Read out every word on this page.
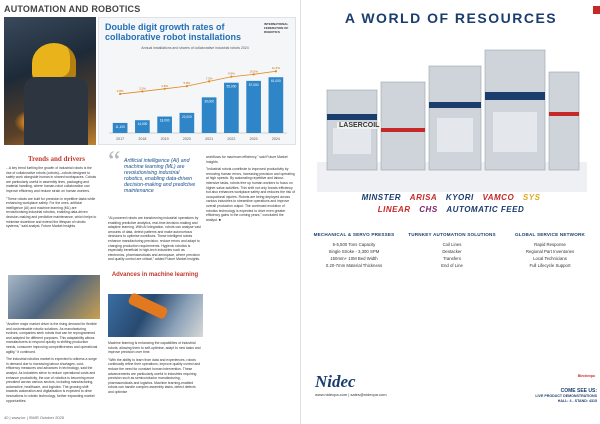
AUTOMATION AND ROBOTICS
Double digit growth rates of collaborative robot installations
INTERNATIONAL FEDERATION OF ROBOTICS
Annual installations and shares of collaborative industrial robots 2024
11,100
2017
14,000
2018
18,000
2019
22,000
2020
39,000
2021
55,000
2022
57,000
2023
61,000
2024
2.8%
3.2%
4.8%
5.8%
7.5%
9.9%
10.5%
11.6%
Trends and drivers

...A key trend fuelling the growth of industrial robots is the rise of collaborative robots (cobots)—robots designed to safely work alongside human in shared workspaces. Cobots are particularly useful in assembly lines, packaging and material handling, where human-robot collaboration can improve efficiency and reduce strain on human workers.

"These robots are built for precision in repetitive tasks while enhancing workplace safety. For the ones, artificial intelligence (AI) and machine learning (ML) are revolutionising industrial robotics, enabling data-driven decision-making and predictive maintenance, which helps to minimise downtime and extend the lifespan of robotic systems," said analyst, Future Market Insights.

"Another major market driver is the rising demand for flexible and customisable robotic solutions. As manufacturing evolves, companies seek robots that can be reprogrammed and adapted for different purposes. This adaptability allows manufacturers to respond quickly to shifting production needs, consumer improving competitiveness and operational agility," it continued.

The industrial robotics market is expected to witness a surge in demand due to increasing labour shortages, cost-efficiency measures and advances in technology, said the analyst. As industries strive to reduce operational costs and enhance productivity, the use of robotics is becoming more prevalent across various sectors, including manufacturing, automotive, healthcare, and logistics. The growing shift towards automation and digitalisation is expected to drive innovations in robotic technology, further expanding market opportunities.

“ Artificial intelligence (AI) and machine learning (ML) are revolutionising industrial robotics, enabling data-driven decision-making and predictive maintenance

"AI-powered robots are transforming industrial operations by enabling predictive analytics, real-time decision-making and adaptive learning. With AI integration, robots can analyse vast amounts of data, detect patterns and make autonomous decisions to optimise workflows. These intelligent robots enhance manufacturing precision, reduce errors and adapt to changing production requirements. Hygienic robotics is especially beneficial in high-tech industries such as electronics, pharmaceuticals and aerospace, where precision and quality control are critical," added Future Market Insights.

Advances in machine learning

Machine learning is enhancing the capabilities of industrial robots, allowing them to self-optimise, adapt to new tasks and improve precision over time.

"With the ability to learn from data and experiences, robots continually refine their operations, improve quality control and reduce the need for constant human intervention. These advancements are particularly useful in industries requiring precision such as semiconductor manufacturing, pharmaceuticals and logistics. Machine learning-enabled robots can handle complex assembly tasks, detect defects and optimise

workflows for maximum efficiency," said Future Market Insights.

"Industrial robots contribute to improved productivity by removing human errors, increasing precision and operating at high speeds. By automating repetitive and labour-intensive tasks, robots free up human workers to focus on higher-value activities. This shift not only boosts efficiency but also enhances workplace safety and reduces the risk of occupational injuries. Robots are being deployed across various industries to streamline operations and improve overall production output. The continued evolution of robotics technology is expected to drive even greater efficiency gains in the coming years," concluded the analyst. ■

40 | www.ixr | ISMR October 2025
A WORLD OF RESOURCES
LASERCOIL
MINSTER ARISA KYORI VAMCO SYS
LINEAR CHS AUTOMATIC FEED
MECHANICAL & SERVO PRESSES
5-5,500 Tons Capacity
Single Stroke - 3,300 SPM
150mm+ 10M Bed Width
0.20-7mm Material Thickness
TURNKEY AUTOMATION SOLUTIONS
Coil Lines
Destacker
Transfers
End of Line
GLOBAL SERVICE NETWORK
Rapid Response
Regional Part Inventories
Local Technicians
Full Lifecycle Support
Nidec
www.nidecpa.com | sales@nidecpa.com
Blechexpo
COME SEE US:
LIVE PRODUCT DEMONSTRATIONS
HALL: 4 - STAND: 4315
